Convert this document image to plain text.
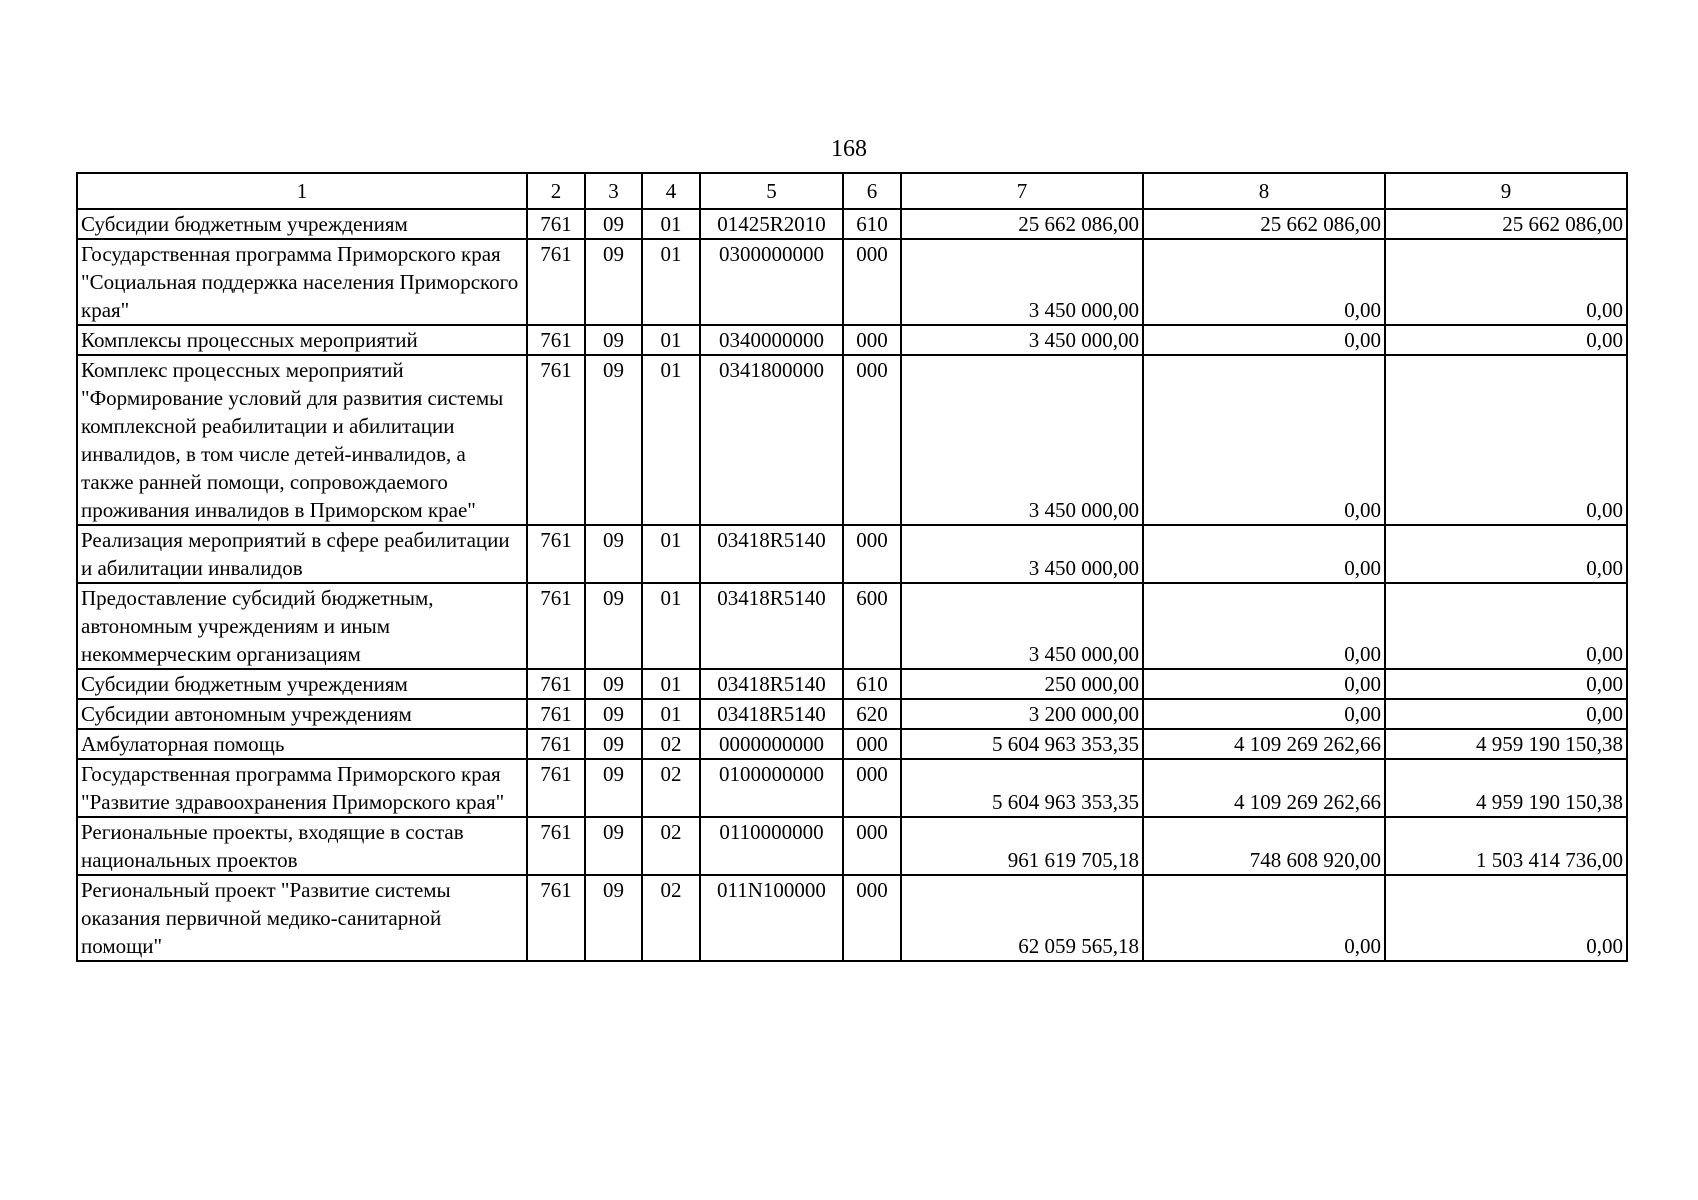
168
1	2	3	4	5	6	7	8	9
Субсидии бюджетным учреждениям	761	09	01	01425R2010	610	25 662 086,00	25 662 086,00	25 662 086,00
Государственная программа Приморского края "Социальная поддержка населения Приморского края"	761	09	01	0300000000	000	3 450 000,00	0,00	0,00
Комплексы процессных мероприятий	761	09	01	0340000000	000	3 450 000,00	0,00	0,00
Комплекс процессных мероприятий "Формирование условий для развития системы комплексной реабилитации и абилитации инвалидов, в том числе детей-инвалидов, а также ранней помощи, сопровождаемого проживания инвалидов в Приморском крае"	761	09	01	0341800000	000	3 450 000,00	0,00	0,00
Реализация мероприятий в сфере реабилитации и абилитации инвалидов	761	09	01	03418R5140	000	3 450 000,00	0,00	0,00
Предоставление субсидий бюджетным, автономным учреждениям и иным некоммерческим организациям	761	09	01	03418R5140	600	3 450 000,00	0,00	0,00
Субсидии бюджетным учреждениям	761	09	01	03418R5140	610	250 000,00	0,00	0,00
Субсидии автономным учреждениям	761	09	01	03418R5140	620	3 200 000,00	0,00	0,00
Амбулаторная помощь	761	09	02	0000000000	000	5 604 963 353,35	4 109 269 262,66	4 959 190 150,38
Государственная программа Приморского края "Развитие здравоохранения Приморского края"	761	09	02	0100000000	000	5 604 963 353,35	4 109 269 262,66	4 959 190 150,38
Региональные проекты, входящие в состав национальных проектов	761	09	02	0110000000	000	961 619 705,18	748 608 920,00	1 503 414 736,00
Региональный проект "Развитие системы оказания первичной медико-санитарной помощи"	761	09	02	011N100000	000	62 059 565,18	0,00	0,00
